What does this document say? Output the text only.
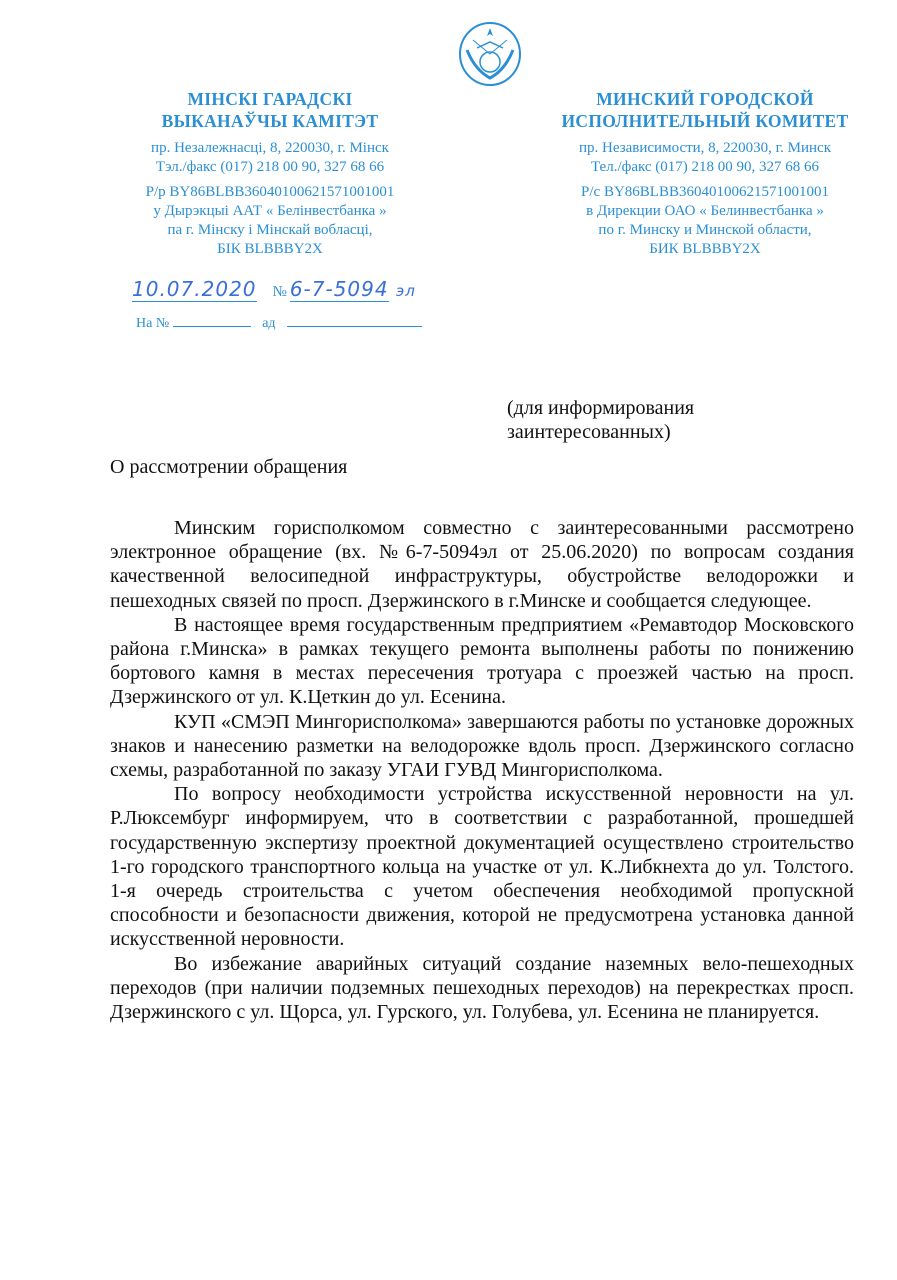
МІНСКІ ГАРАДСКІ
ВЫКАНАЎЧЫ КАМІТЭТ
пр. Незалежнасці, 8, 220030, г. Мінск
Тэл./факс (017) 218 00 90, 327 68 66
Р/р BY86BLBB36040100621571001001
у Дырэкцыі ААТ « Белінвестбанка »
па г. Мінску і Мінскай вобласці,
БІК BLBBBY2X
МИНСКИЙ ГОРОДСКОЙ
ИСПОЛНИТЕЛЬНЫЙ КОМИТЕТ
пр. Независимости, 8, 220030, г. Минск
Тел./факс (017) 218 00 90, 327 68 66
Р/с BY86BLBB36040100621571001001
в Дирекции ОАО « Белинвестбанка »
по г. Минску и Минской области,
БИК BLBBBY2X
10.07.2020 № 6-7-5094 эл
На №	ад
(для информирования
заинтересованных)
О рассмотрении обращения

Минским горисполкомом совместно с заинтересованными рассмотрено электронное обращение (вх. №6-7-5094эл от 25.06.2020) по вопросам создания качественной велосипедной инфраструктуры, обустройстве велодорожки и пешеходных связей по просп. Дзержинского в г.Минске и сообщается следующее.

В настоящее время государственным предприятием «Ремавтодор Московского района г.Минска» в рамках текущего ремонта выполнены работы по понижению бортового камня в местах пересечения тротуара с проезжей частью на просп. Дзержинского от ул. К.Цеткин до ул. Есенина.

КУП «СМЭП Мингорисполкома» завершаются работы по установке дорожных знаков и нанесению разметки на велодорожке вдоль просп. Дзержинского согласно схемы, разработанной по заказу УГАИ ГУВД Мингорисполкома.

По вопросу необходимости устройства искусственной неровности на ул. Р.Люксембург информируем, что в соответствии с разработанной, прошедшей государственную экспертизу проектной документацией осуществлено строительство 1-го городского транспортного кольца на участке от ул. К.Либкнехта до ул. Толстого. 1-я очередь строительства с учетом обеспечения необходимой пропускной способности и безопасности движения, которой не предусмотрена установка данной искусственной неровности.

Во избежание аварийных ситуаций создание наземных вело-пешеходных переходов (при наличии подземных пешеходных переходов) на перекрестках просп. Дзержинского с ул. Щорса, ул. Гурского, ул. Голубева, ул. Есенина не планируется.
